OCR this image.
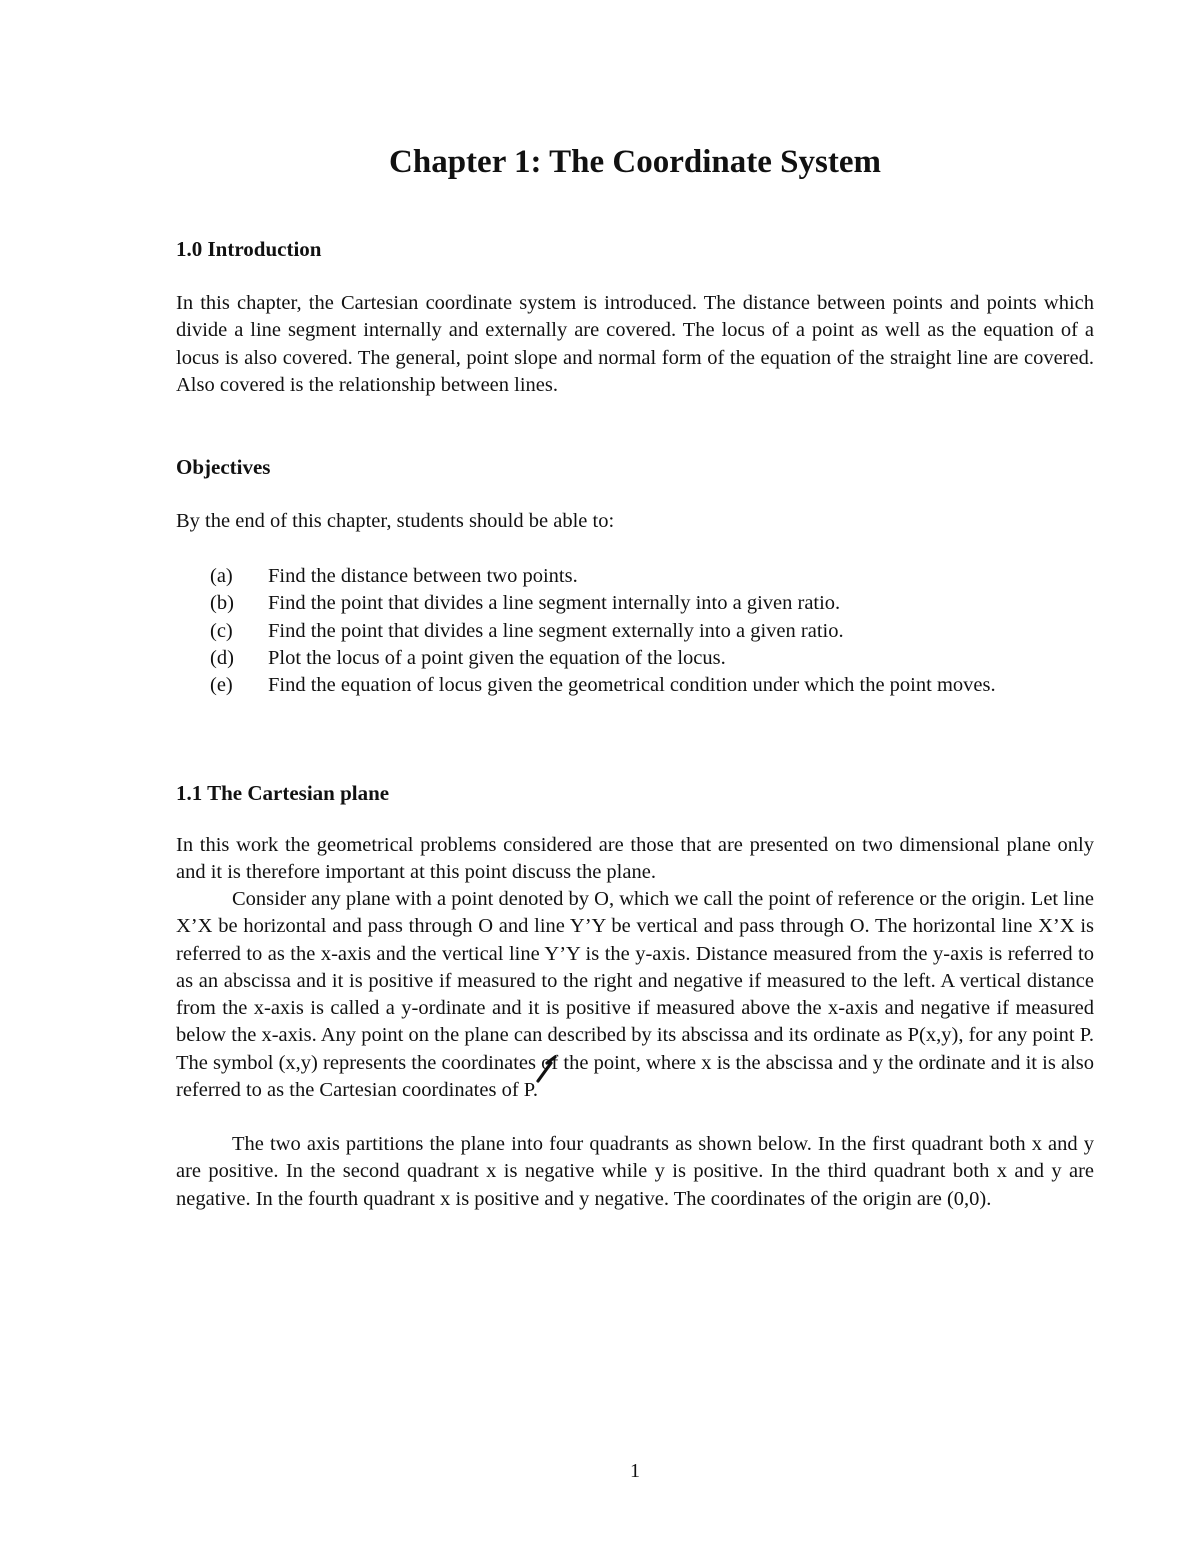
Chapter 1: The Coordinate System
1.0 Introduction

In this chapter, the Cartesian coordinate system is introduced. The distance between points and points which divide a line segment internally and externally are covered. The locus of a point as well as the equation of a locus is also covered. The general, point slope and normal form of the equation of the straight line are covered. Also covered is the relationship between lines.

Objectives

By the end of this chapter, students should be able to:

(a)	Find the distance between two points.
(b)	Find the point that divides a line segment internally into a given ratio.
(c)	Find the point that divides a line segment externally into a given ratio.
(d)	Plot the locus of a point given the equation of the locus.
(e)	Find the equation of locus given the geometrical condition under which the point moves.
1.1 The Cartesian plane

In this work the geometrical problems considered are those that are presented on two dimensional plane only and it is therefore important at this point discuss the plane.

Consider any plane with a point denoted by O, which we call the point of reference or the origin. Let line X’X be horizontal and pass through O and line Y’Y be vertical and pass through O. The horizontal line X’X is referred to as the x-axis and the vertical line Y’Y is the y-axis. Distance measured from the y-axis is referred to as an abscissa and it is positive if measured to the right and negative if measured to the left. A vertical distance from the x-axis is called a y-ordinate and it is positive if measured above the x-axis and negative if measured below the x-axis. Any point on the plane can described by its abscissa and its ordinate as P(x,y), for any point P. The symbol (x,y) represents the coordinates of the point, where x is the abscissa and y the ordinate and it is also referred to as the Cartesian coordinates of P.

The two axis partitions the plane into four quadrants as shown below. In the first quadrant both x and y are positive. In the second quadrant x is negative while y is positive. In the third quadrant both x and y are negative. In the fourth quadrant x is positive and y negative. The coordinates of the origin are (0,0).

1
